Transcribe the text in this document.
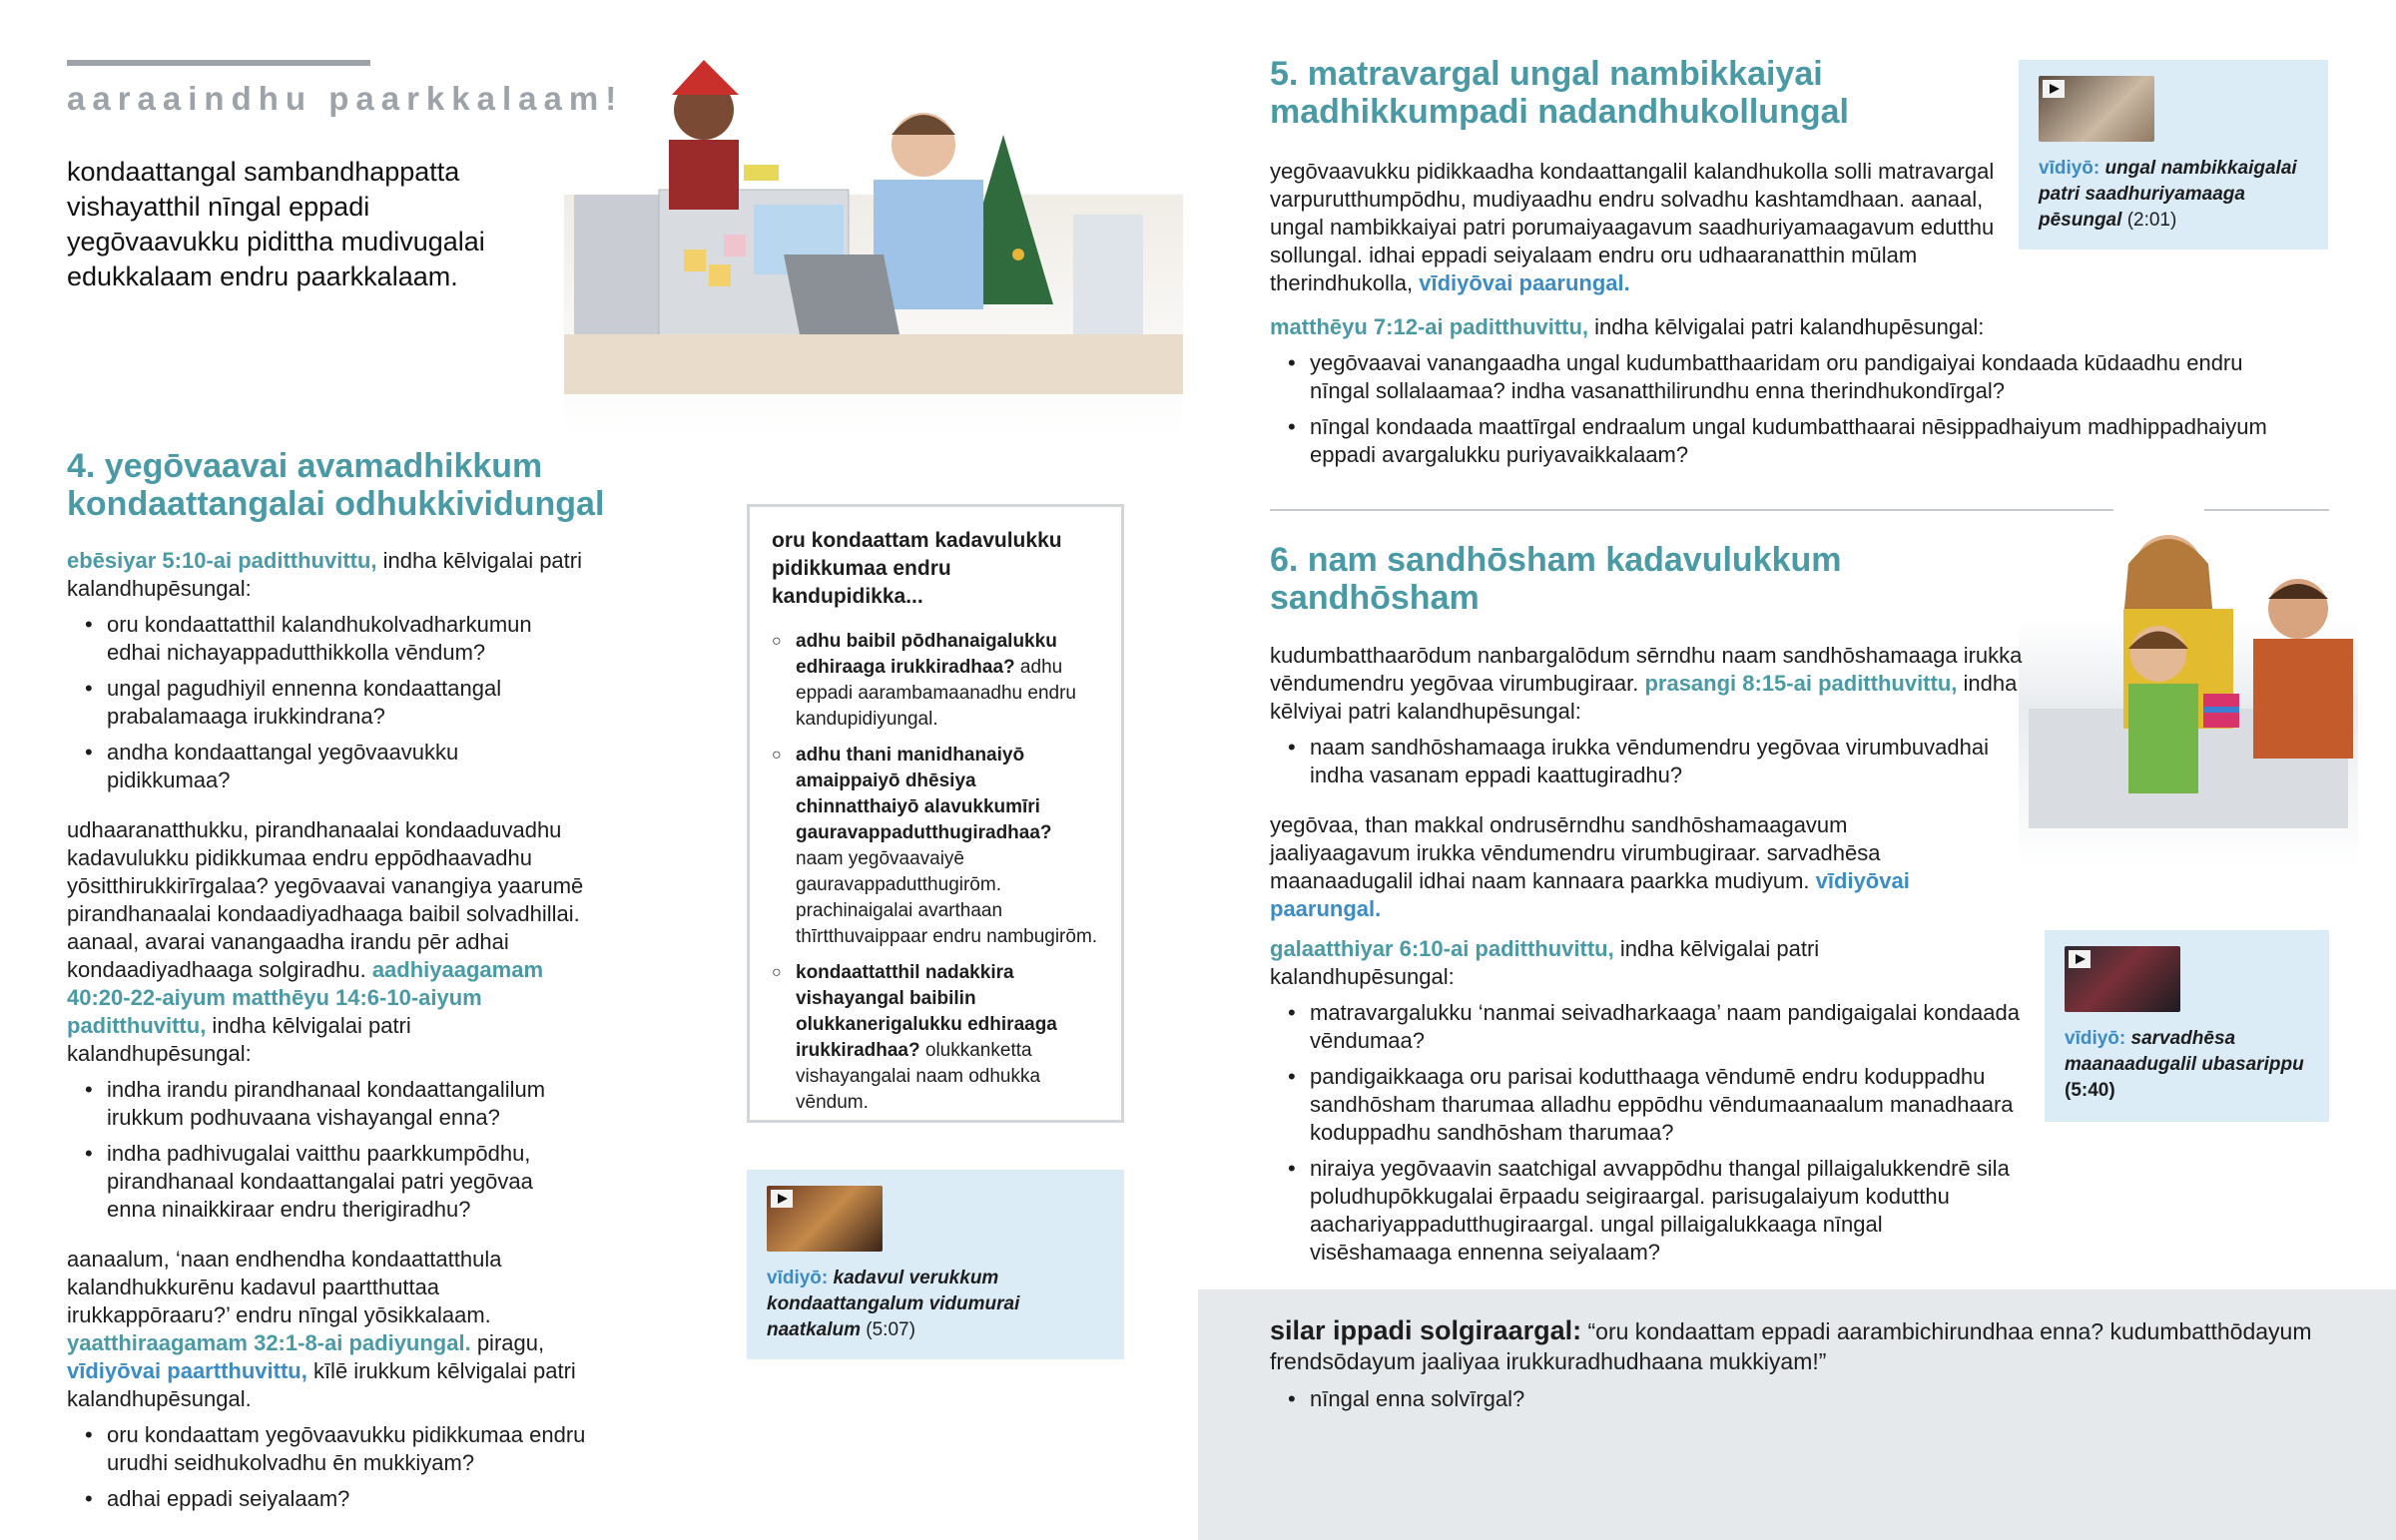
aaraaindhu paarkkalaam!
kondaattangal sambandhappatta vishayatthil nīngal eppadi yegōvaavukku pidittha mudivugalai edukkalaam endru paarkkalaam.
4. yegōvaavai avamadhikkum
kondaattangalai odhukkividungal
ebēsiyar 5:10-ai paditthuvittu, indha kēlvigalai patri kalandhupēsungal:
• oru kondaattatthil kalandhukolvadharkumun edhai nichayappadutthikkolla vēndum?
• ungal pagudhiyil ennenna kondaattangal prabalamaaga irukkindrana?
• andha kondaattangal yegōvaavukku pidikkumaa?
udhaaranatthukku, pirandhanaalai kondaaduvadhu kadavulukku pidikkumaa endru eppōdhaavadhu yōsitthirukkirīrgalaa? yegōvaavai vanangiya yaarumē pirandhanaalai kondaadiyadhaaga baibil solvadhillai. aanaal, avarai vanangaadha irandu pēr adhai kondaadiyadhaaga solgiradhu. aadhiyaagamam 40:20-22-aiyum matthēyu 14:6-10-aiyum paditthuvittu, indha kēlvigalai patri kalandhupēsungal:
• indha irandu pirandhanaal kondaattangalilum irukkum podhuvaana vishayangal enna?
• indha padhivugalai vaitthu paarkkumpōdhu, pirandhanaal kondaattangalai patri yegōvaa enna ninaikkiraar endru therigiradhu?
aanaalum, ‘naan endhendha kondaattatthula kalandhukkurēnu kadavul paartthuttaa irukkappōraaru?’ endru nīngal yōsikkalaam. yaatthiraagamam 32:1-8-ai padiyungal. piragu, vīdiyōvai paartthuvittu, kīlē irukkum kēlvigalai patri kalandhupēsungal.
• oru kondaattam yegōvaavukku pidikkumaa endru urudhi seidhukolvadhu ēn mukkiyam?
• adhai eppadi seiyalaam?
oru kondaattam kadavulukku pidikkumaa endru kandupidikka...
○ adhu baibil pōdhanaigalukku edhiraaga irukkiradhaa? adhu eppadi aarambamaanadhu endru kandupidiyungal.
○ adhu thani manidhanaiyō amaippaiyō dhēsiya chinnatthaiyō alavukkumīri gauravappadutthugiradhaa? naam yegōvaavaiyē gauravappadutthugirōm. prachinaigalai avarthaan thīrtthuvaippaar endru nambugirōm.
○ kondaattatthil nadakkira vishayangal baibilin olukkanerigalukku edhiraaga irukkiradhaa? olukkanketta vishayangalai naam odhukka vēndum.
vīdiyō: kadavul verukkum kondaattangalum vidumurai naatkalum (5:07)
5. matravargal ungal nambikkaiyai
madhikkumpadi nadandhukollungal
vīdiyō: ungal nambikkaigalai patri saadhuriyamaaga pēsungal (2:01)
yegōvaavukku pidikkaadha kondaattangalil kalandhukolla solli matravargal varpurutthumpōdhu, mudiyaadhu endru solvadhu kashtamdhaan. aanaal, ungal nambikkaiyai patri porumaiyaagavum saadhuriyamaagavum edutthu sollungal. idhai eppadi seiyalaam endru oru udhaaranatthin mūlam therindhukolla, vīdiyōvai paarungal.
matthēyu 7:12-ai paditthuvittu, indha kēlvigalai patri kalandhupēsungal:
• yegōvaavai vanangaadha ungal kudumbatthaaridam oru pandigaiyai kondaada kūdaadhu endru nīngal sollalaamaa? indha vasanatthilirundhu enna therindhukondīrgal?
• nīngal kondaada maattīrgal endraalum ungal kudumbatthaarai nēsippadhaiyum madhippadhaiyum eppadi avargalukku puriyavaikkalaam?
6. nam sandhōsham kadavulukkum
sandhōsham
kudumbatthaarōdum nanbargalōdum sērndhu naam sandhōshamaaga irukka vēndumendru yegōvaa virumbugiraar. prasangi 8:15-ai paditthuvittu, indha kēlviyai patri kalandhupēsungal:
• naam sandhōshamaaga irukka vēndumendru yegōvaa virumbuvadhai indha vasanam eppadi kaattugiradhu?
yegōvaa, than makkal ondrusērndhu sandhōshamaagavum jaaliyaagavum irukka vēndumendru virumbugiraar. sarvadhēsa maanaadugalil idhai naam kannaara paarkka mudiyum. vīdiyōvai paarungal.
galaatthiyar 6:10-ai paditthuvittu, indha kēlvigalai patri kalandhupēsungal:
• matravargalukku ‘nanmai seivadharkaaga’ naam pandigaigalai kondaada vēndumaa?
• pandigaikkaaga oru parisai kodutthaaga vēndumē endru koduppadhu sandhōsham tharumaa alladhu eppōdhu vēndumaanaalum manadhaara koduppadhu sandhōsham tharumaa?
• niraiya yegōvaavin saatchigal avvappōdhu thangal pillaigalukkendrē sila poludhupōkkugalai ērpaadu seigiraargal. parisugalaiyum kodutthu aachariyappadutthugiraargal. ungal pillaigalukkaaga nīngal visēshamaaga ennenna seiyalaam?
vīdiyō: sarvadhēsa maanaadugalil ubasarippu (5:40)
silar ippadi solgiraargal: “oru kondaattam eppadi aarambichirundhaa enna? kudumbatthōdayum frendsōdayum jaaliyaa irukkuradhudhaana mukkiyam!”
• nīngal enna solvīrgal?
